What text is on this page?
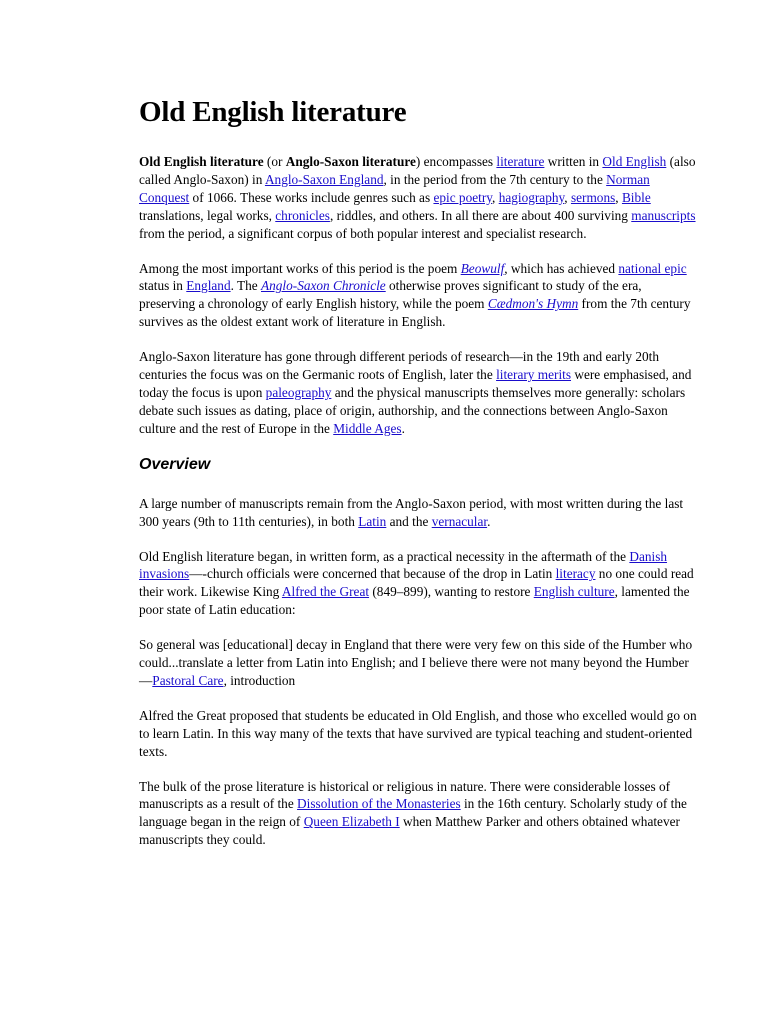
Old English literature

Old English literature (or Anglo-Saxon literature) encompasses literature written in Old English (also called Anglo-Saxon) in Anglo-Saxon England, in the period from the 7th century to the Norman Conquest of 1066. These works include genres such as epic poetry, hagiography, sermons, Bible translations, legal works, chronicles, riddles, and others. In all there are about 400 surviving manuscripts from the period, a significant corpus of both popular interest and specialist research.

Among the most important works of this period is the poem Beowulf, which has achieved national epic status in England. The Anglo-Saxon Chronicle otherwise proves significant to study of the era, preserving a chronology of early English history, while the poem Cædmon's Hymn from the 7th century survives as the oldest extant work of literature in English.

Anglo-Saxon literature has gone through different periods of research—in the 19th and early 20th centuries the focus was on the Germanic roots of English, later the literary merits were emphasised, and today the focus is upon paleography and the physical manuscripts themselves more generally: scholars debate such issues as dating, place of origin, authorship, and the connections between Anglo-Saxon culture and the rest of Europe in the Middle Ages.

Overview

A large number of manuscripts remain from the Anglo-Saxon period, with most written during the last 300 years (9th to 11th centuries), in both Latin and the vernacular.

Old English literature began, in written form, as a practical necessity in the aftermath of the Danish invasions—-church officials were concerned that because of the drop in Latin literacy no one could read their work. Likewise King Alfred the Great (849–899), wanting to restore English culture, lamented the poor state of Latin education:

So general was [educational] decay in England that there were very few on this side of the Humber who could...translate a letter from Latin into English; and I believe there were not many beyond the Humber
—Pastoral Care, introduction

Alfred the Great proposed that students be educated in Old English, and those who excelled would go on to learn Latin. In this way many of the texts that have survived are typical teaching and student-oriented texts.

The bulk of the prose literature is historical or religious in nature. There were considerable losses of manuscripts as a result of the Dissolution of the Monasteries in the 16th century. Scholarly study of the language began in the reign of Queen Elizabeth I when Matthew Parker and others obtained whatever manuscripts they could.
